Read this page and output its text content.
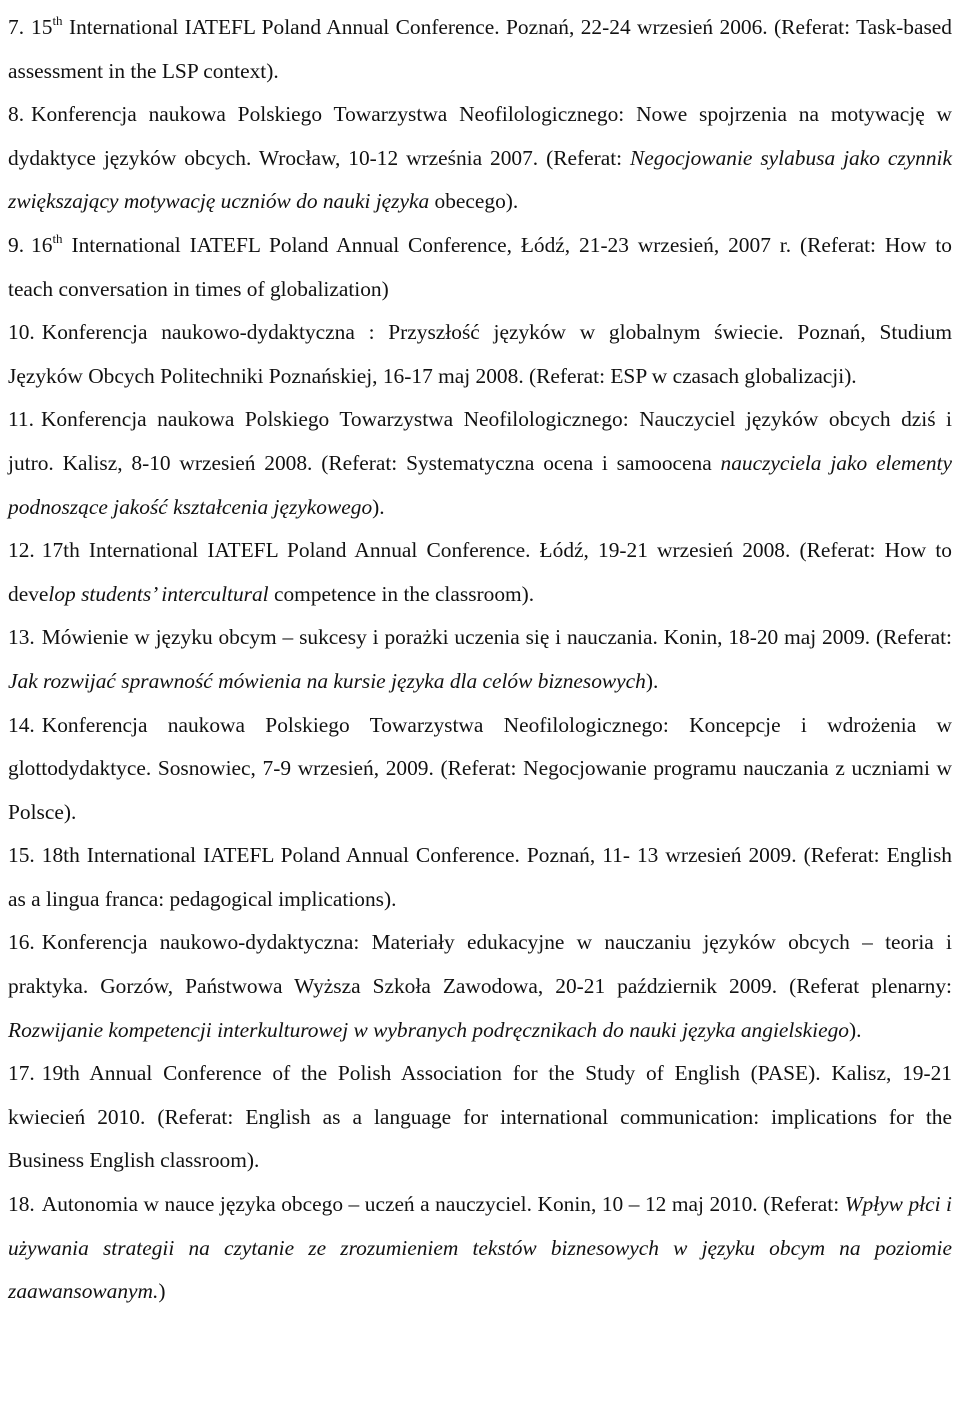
7. 15th International IATEFL Poland Annual Conference. Poznań, 22-24 wrzesień 2006. (Referat: Task-based assessment in the LSP context).

8. Konferencja naukowa Polskiego Towarzystwa Neofilologicznego: Nowe spojrzenia na motywację w dydaktyce języków obcych. Wrocław, 10-12 września 2007. (Referat: Negocjowanie sylabusa jako czynnik zwiększający motywację uczniów do nauki języka obecego).

9. 16th International IATEFL Poland Annual Conference, Łódź, 21-23 wrzesień, 2007 r. (Referat: How to teach conversation in times of globalization)

10. Konferencja naukowo-dydaktyczna : Przyszłość języków w globalnym świecie. Poznań, Studium Języków Obcych Politechniki Poznańskiej, 16-17 maj 2008. (Referat: ESP w czasach globalizacji).

11. Konferencja naukowa Polskiego Towarzystwa Neofilologicznego: Nauczyciel języków obcych dziś i jutro. Kalisz, 8-10 wrzesień 2008. (Referat: Systematyczna ocena i samoocena nauczyciela jako elementy podnoszące jakość kształcenia językowego).

12. 17th International IATEFL Poland Annual Conference. Łódź, 19-21 wrzesień 2008. (Referat: How to develop students’ intercultural competence in the classroom).

13. Mówienie w języku obcym – sukcesy i porażki uczenia się i nauczania. Konin, 18-20 maj 2009. (Referat: Jak rozwijać sprawność mówienia na kursie języka dla celów biznesowych).

14. Konferencja naukowa Polskiego Towarzystwa Neofilologicznego: Koncepcje i wdrożenia w glottodydaktyce. Sosnowiec, 7-9 wrzesień, 2009. (Referat: Negocjowanie programu nauczania z uczniami w Polsce).

15. 18th International IATEFL Poland Annual Conference. Poznań, 11- 13 wrzesień 2009. (Referat: English as a lingua franca: pedagogical implications).

16. Konferencja naukowo-dydaktyczna: Materiały edukacyjne w nauczaniu języków obcych – teoria i praktyka. Gorzów, Państwowa Wyższa Szkoła Zawodowa, 20-21 październik 2009. (Referat plenarny: Rozwijanie kompetencji interkulturowej w wybranych podręcznikach do nauki języka angielskiego).

17. 19th Annual Conference of the Polish Association for the Study of English (PASE). Kalisz, 19-21 kwiecień 2010. (Referat: English as a language for international communication: implications for the Business English classroom).

18. Autonomia w nauce języka obcego – uczeń a nauczyciel. Konin, 10 – 12 maj 2010. (Referat: Wpływ płci i używania strategii na czytanie ze zrozumieniem tekstów biznesowych w języku obcym na poziomie zaawansowanym.)
